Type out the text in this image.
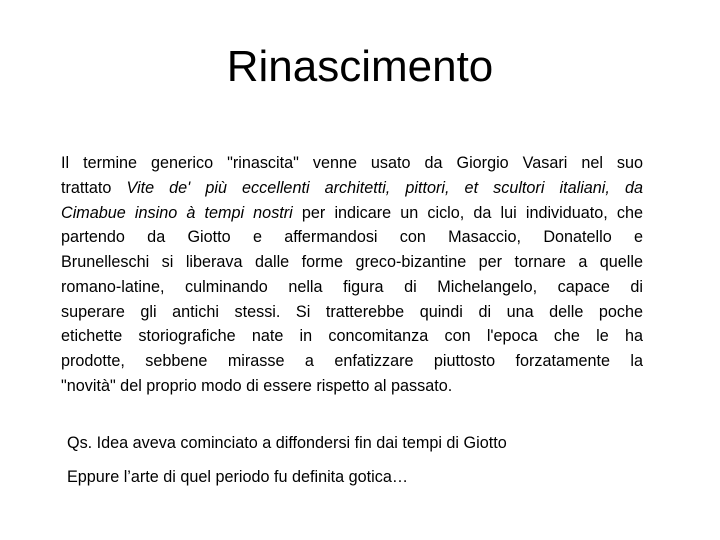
Rinascimento
Il termine generico "rinascita" venne usato da Giorgio Vasari nel suo
trattato Vite de' più eccellenti architetti, pittori, et scultori italiani, da
Cimabue insino à tempi nostri per indicare un ciclo, da lui individuato, che
partendo da Giotto e affermandosi con Masaccio, Donatello e
Brunelleschi si liberava dalle forme greco-bizantine per tornare a quelle
romano-latine, culminando nella figura di Michelangelo, capace di
superare gli antichi stessi. Si tratterebbe quindi di una delle poche
etichette storiografiche nate in concomitanza con l'epoca che le ha
prodotte, sebbene mirasse a enfatizzare piuttosto forzatamente la
"novità" del proprio modo di essere rispetto al passato.

Qs. Idea aveva cominciato a diffondersi fin dai tempi di Giotto

Eppure l’arte di quel periodo fu definita gotica…
